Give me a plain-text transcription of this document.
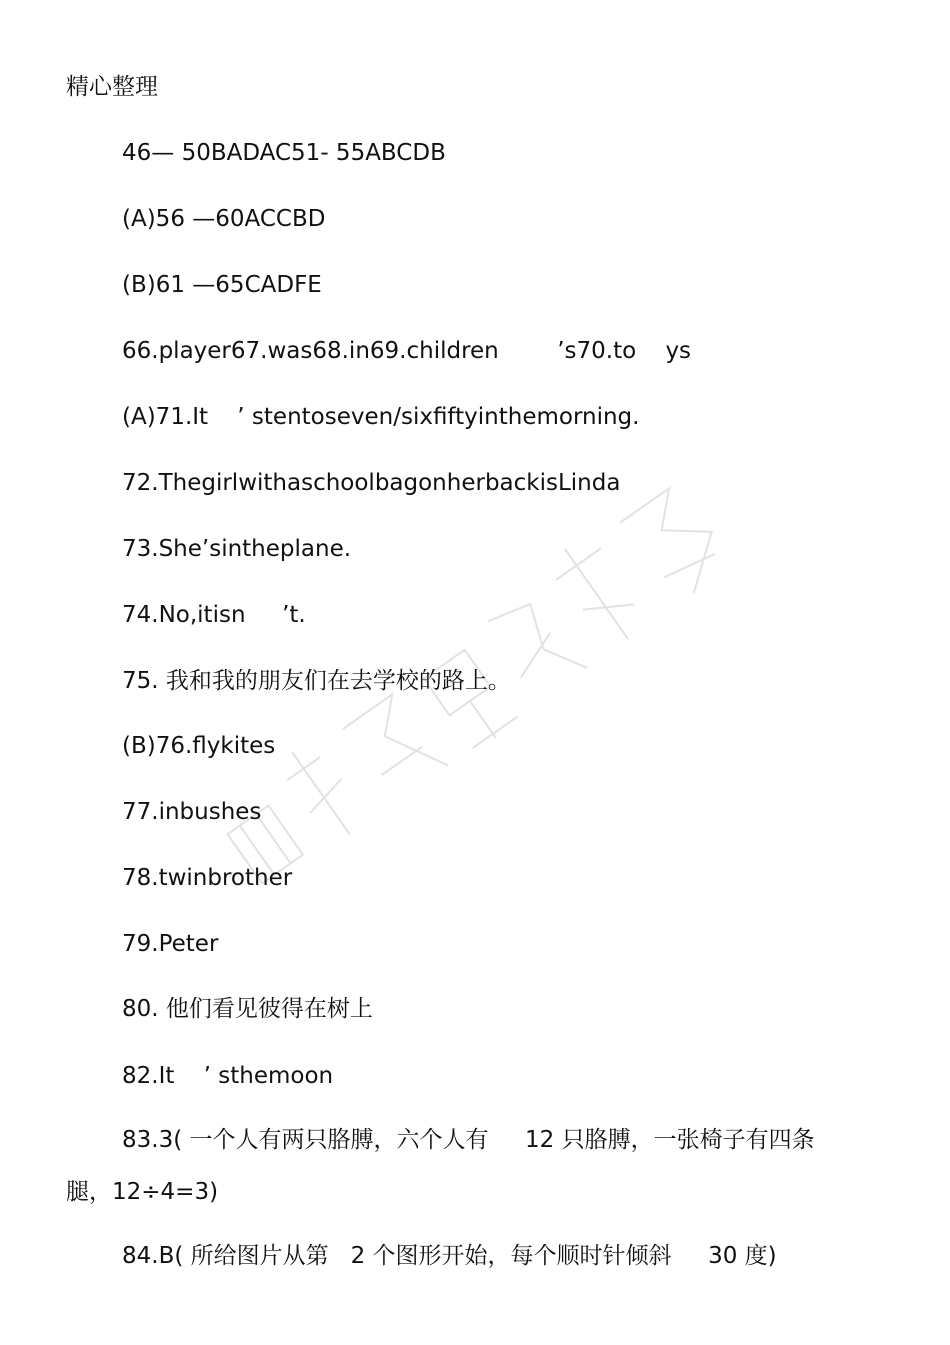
精心整理
46— 50BADAC51- 55ABCDB
(A)56 —60ACCBD
(B)61 —65CADFE
66.player67.was68.in69.children        ’s70.to    ys
(A)71.It    ’ stentoseven/sixfiftyinthemorning.
72.ThegirlwithaschoolbagonherbackisLinda
73.She’sintheplane.
74.No,itisn     ’t.
75. 我和我的朋友们在去学校的路上。
(B)76.flykites
77.inbushes
78.twinbrother
79.Peter
80. 他们看见彼得在树上
82.It    ’ sthemoon
83.3( 一个人有两只胳膊，六个人有     12 只胳膊，一张椅子有四条
腿，12÷4=3)
84.B( 所给图片从第   2 个图形开始，每个顺时针倾斜     30 度)
